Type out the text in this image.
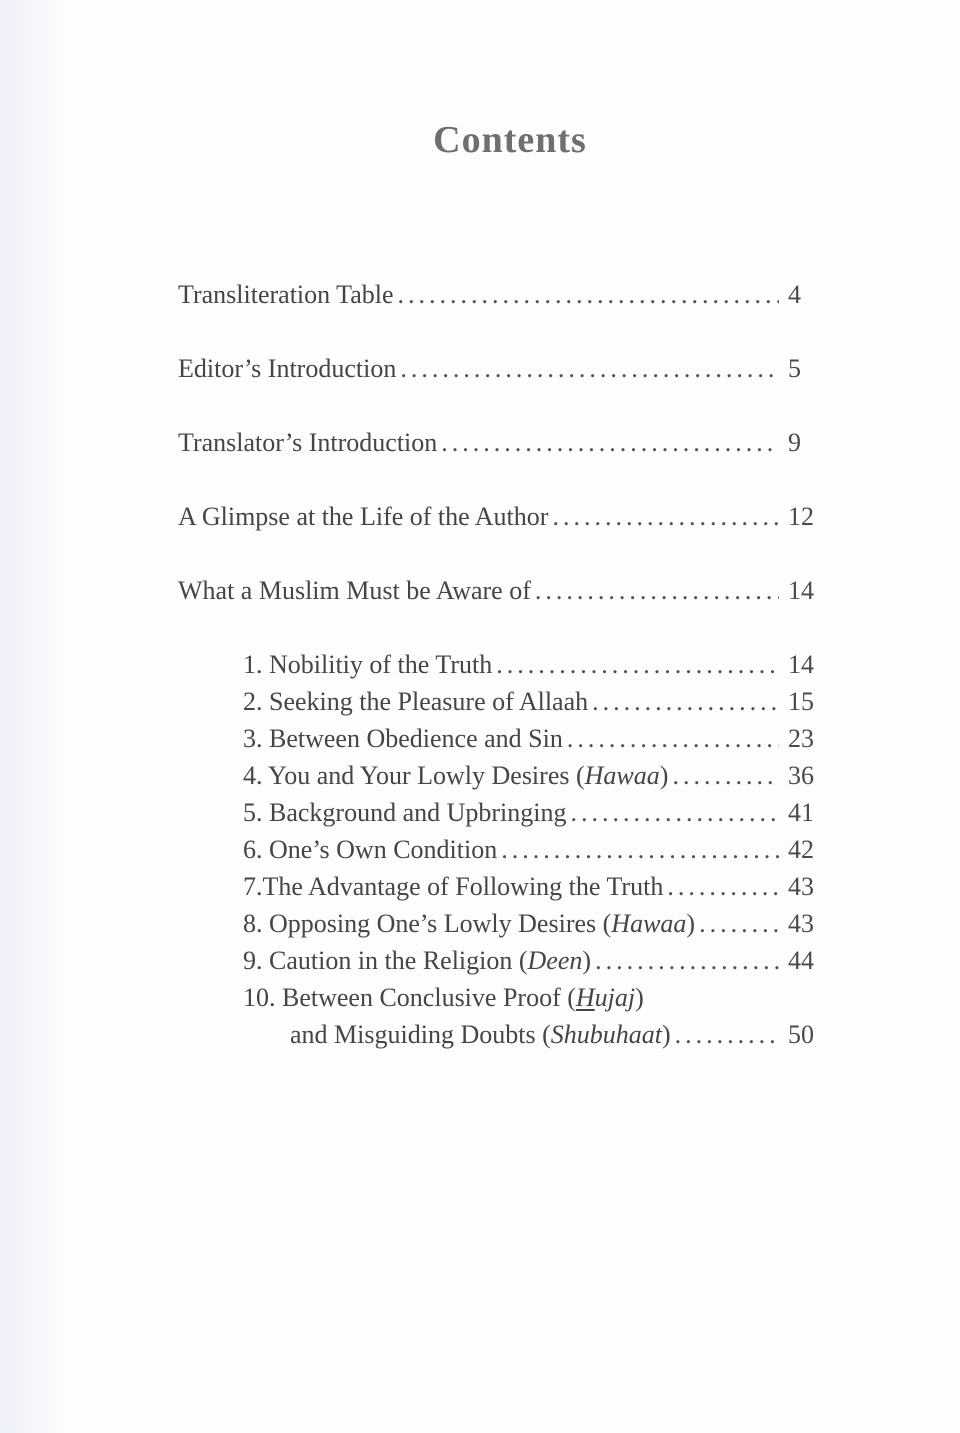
Contents
Transliteration Table .....	4
Editor’s Introduction .....	5
Translator’s Introduction .....	9
A Glimpse at the Life of the Author .....	12
What a Muslim Must be Aware of .....	14
1. Nobilitiy of the Truth .....	14
2. Seeking the Pleasure of Allaah .....	15
3. Between Obedience and Sin .....	23
4. You and Your Lowly Desires (Hawaa) .....	36
5. Background and Upbringing .....	41
6. One’s Own Condition .....	42
7.The Advantage of Following the Truth .....	43
8. Opposing One’s Lowly Desires (Hawaa) .....	43
9. Caution in the Religion (Deen) .....	44
10. Between Conclusive Proof (Hujaj)
and Misguiding Doubts (Shubuhaat) .....	50
